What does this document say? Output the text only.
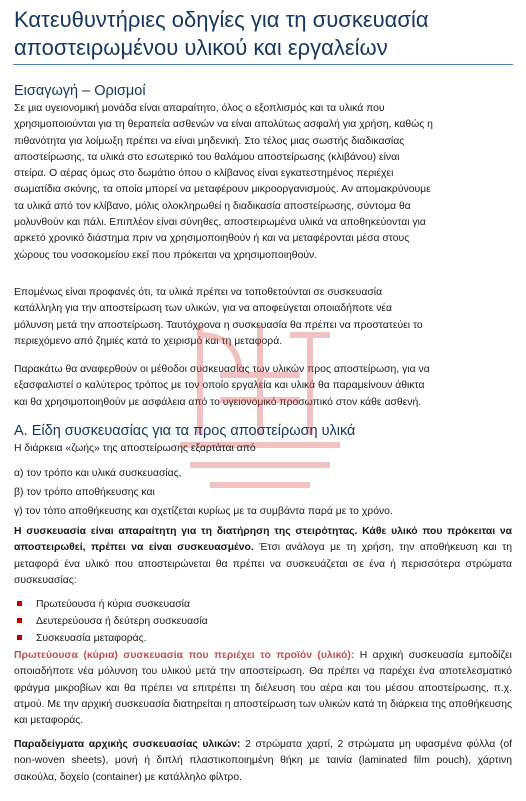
Κατευθυντήριες οδηγίες για τη συσκευασία αποστειρωμένου υλικού και εργαλείων
Εισαγωγή – Ορισμοί
Σε μια υγειονομική μονάδα είναι απαραίτητο, όλος ο εξοπλισμός και τα υλικά που
χρησιμοποιούνται για τη θεραπεία ασθενών να είναι απολύτως ασφαλή για χρήση, καθώς η
πιθανότητα για λοίμωξη πρέπει να είναι μηδενική. Στο τέλος μιας σωστής διαδικασίας
αποστείρωσης, τα υλικά στο εσωτερικό του θαλάμου αποστείρωσης (κλιβάνου) είναι
στείρα. Ο αέρας όμως στο δωμάτιο όπου ο κλίβανος είναι εγκατεστημένος περιέχει
σωματίδια σκόνης, τα οποία μπορεί να μεταφέρουν μικροοργανισμούς. Αν απομακρύνουμε
τα υλικά από τον κλίβανο, μόλις ολοκληρωθεί η διαδικασία αποστείρωσης, σύντομα θα
μολυνθούν και πάλι. Επιπλέον είναι σύνηθες, αποστειρωμένα υλικά να αποθηκεύονται για
αρκετό χρονικό διάστημα πριν να χρησιμοποιηθούν ή και να μεταφέρονται μέσα στους
χώρους του νοσοκομείου εκεί που πρόκειται να χρησιμοποιηθούν.
Επομένως είναι προφανές ότι, τα υλικά πρέπει να τοποθετούνται σε συσκευασία
κατάλληλη για την αποστείρωση των υλικών, για να αποφεύγεται οποιαδήποτε νέα
μόλυνση μετά την αποστείρωση. Ταυτόχρονα η συσκευασία θα πρέπει να προστατεύει το
περιεχόμενο από ζημιές κατά το χειρισμό και τη μεταφορά.
Παρακάτω θα αναφερθούν οι μέθοδοι συσκευασίας των υλικών προς αποστείρωση, για να
εξασφαλιστεί ο καλύτερος τρόπος με τον οποίο εργαλεία και υλικά θα παραμείνουν άθικτα
και θα χρησιμοποιηθούν με ασφάλεια από το υγειονομικό προσωπικό στον κάθε ασθενή.
Α. Είδη συσκευασίας για τα προς αποστείρωση υλικά
Η διάρκεια «ζωής» της αποστείρωσης εξαρτάται από
α) τον τρόπο και υλικά συσκευασίας,
β) τον τρόπο αποθήκευσης και
γ) τον τόπο αποθήκευσης και σχετίζεται κυρίως με τα συμβάντα παρά με το χρόνο.
Η συσκευασία είναι απαραίτητη για τη διατήρηση της στειρότητας. Κάθε υλικό που πρόκειται να αποστειρωθεί, πρέπει να είναι συσκευασμένο. Έτσι ανάλογα με τη χρήση, την αποθήκευση και τη μεταφορά ένα υλικό που αποστειρώνεται θα πρέπει να συσκευάζεται σε ένα ή περισσότερα στρώματα συσκευασίας:
Πρωτεύουσα ή κύρια συσκευασία
Δευτερεύουσα ή δεύτερη συσκευασία
Συσκευασία μεταφοράς.
Πρωτεύουσα (κύρια) συσκευασία που περιέχει το προϊόν (υλικό): Η αρχική συσκευασία εμποδίζει οποιαδήποτε νέα μόλυνση του υλικού μετά την αποστείρωση. Θα πρέπει να παρέχει ένα αποτελεσματικό φράγμα μικροβίων και θα πρέπει να επιτρέπει τη διέλευση του αέρα και του μέσου αποστείρωσης, π.χ. ατμού. Με την αρχική συσκευασία διατηρείται η αποστείρωση των υλικών κατά τη διάρκεια της αποθήκευσης και μεταφοράς.
Παραδείγματα αρχικής συσκευασίας υλικών: 2 στρώματα χαρτί, 2 στρώματα μη υφασμένα φύλλα (of non-woven sheets), μονή ή διπλή πλαστικοποιημένη θήκη με ταινία (laminated film pouch), χάρτινη σακούλα, δοχείο (container) με κατάλληλο φίλτρο.
